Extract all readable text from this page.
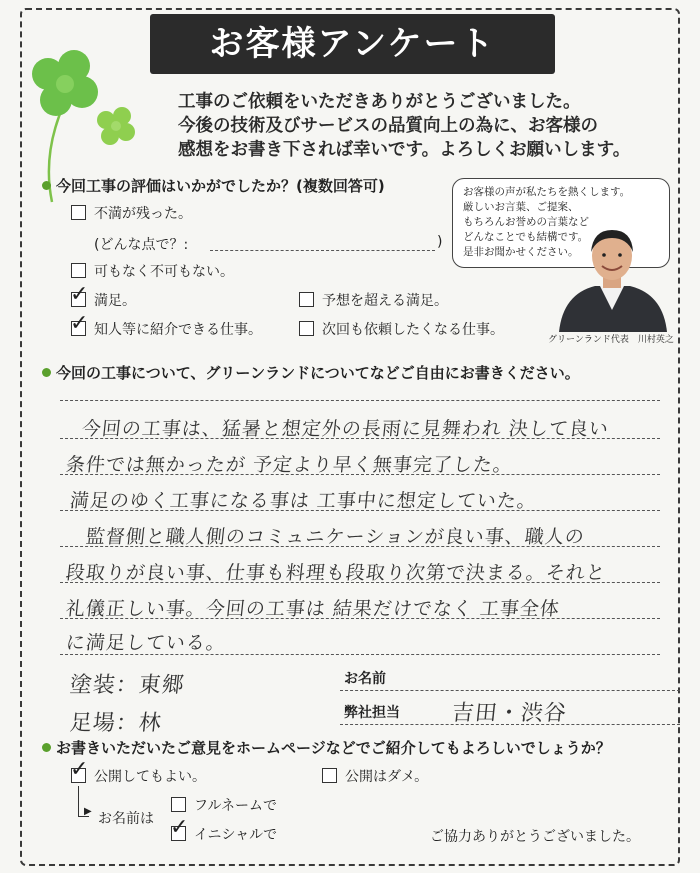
お客様アンケート
工事のご依頼をいただきありがとうございました。
今後の技術及びサービスの品質向上の為に、お客様の
感想をお書き下されば幸いです。よろしくお願いします。
今回工事の評価はいかがでしたか？(複数回答可)
不満が残った。
(どんな点で？:	)
可もなく不可もない。
✓ 満足。	予想を超える満足。
✓ 知人等に紹介できる仕事。	次回も依頼したくなる仕事。
お客様の声が私たちを熱くします。
厳しいお言葉、ご提案、
もちろんお誉めの言葉など
どんなことでも結構です。
是非お聞かせください。
グリーンランド代表　川村英之
今回の工事について、グリーンランドについてなどご自由にお書きください。
今回の工事は、猛暑と想定外の長雨に見舞われ 決して良い
条件では無かったが 予定より早く無事完了した。
満足のゆく工事になる事は 工事中に想定していた。
監督側と職人側のコミュニケーションが良い事、職人の
段取りが良い事、仕事も料理も段取り次第で決まる。それと
礼儀正しい事。今回の工事は 結果だけでなく 工事全体
に満足している。
塗装：東郷
足場：林
お名前
弊社担当 吉田・渋谷
お書きいただいたご意見をホームページなどでご紹介してもよろしいでしょうか？
✓ 公開してもよい。	公開はダメ。
▶ お名前は
フルネームで
✓ イニシャルで	ご協力ありがとうございました。
